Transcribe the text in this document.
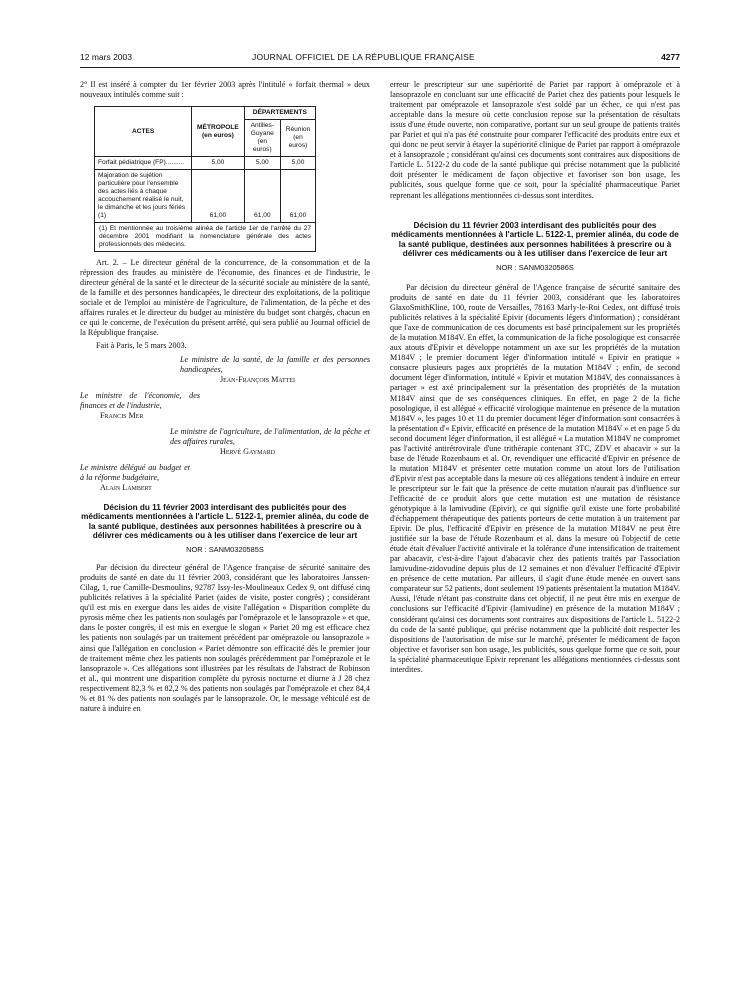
12 mars 2003	JOURNAL OFFICIEL DE LA RÉPUBLIQUE FRANÇAISE	4277

2° Il est inséré à compter du 1er février 2003 après l'intitulé « forfait thermal » deux nouveaux intitulés comme suit :

ACTES	MÉTROPOLE (en euros)	DÉPARTEMENTS	
		Antilles-Guyane (en euros)	Réunion (en euros)
Forfait pédiatrique (FP)..........	5,00	5,00	5,00
Majoration de sujétion particulière pour l'ensemble des actes liés à chaque accouchement réalisé le nuit, le dimanche et les jours fériés (1)	61,00	61,00	61,00
(1) Et mentionnée au troisième alinéa de l'article 1er de l'arrêté du 27 décembre 2001 modifiant la nomenclature générale des actes professionnels des médecins.

Art. 2. – Le directeur général de la concurrence, de la consommation et de la répression des fraudes au ministère de l'économie, des finances et de l'industrie, le directeur général de la santé et le directeur de la sécurité sociale au ministère de la santé, de la famille et des personnes handicapées, le directeur des exploitations, de la politique sociale et de l'emploi au ministère de l'agriculture, de l'alimentation, de la pêche et des affaires rurales et le directeur du budget au ministère du budget sont chargés, chacun en ce qui le concerne, de l'exécution du présent arrêté, qui sera publié au Journal officiel de la République française.

Fait à Paris, le 5 mars 2003.

Le ministre de la santé, de la famille et des personnes handicapées,

Jean-François Mattei

Le ministre de l'économie, des finances et de l'industrie,

Francis Mer

Le ministre de l'agriculture, de l'alimentation, de la pêche et des affaires rurales,

Hervé Gaymard

Le ministre délégué au budget et à la réforme budgétaire,

Alain Lambert

Décision du 11 février 2003 interdisant des publicités pour des médicaments mentionnées à l'article L. 5122-1, premier alinéa, du code de la santé publique, destinées aux personnes habilitées à prescrire ou à délivrer ces médicaments ou à les utiliser dans l'exercice de leur art

NOR : SANM0320585S

Par décision du directeur général de l'Agence française de sécurité sanitaire des produits de santé en date du 11 février 2003, considérant que les laboratoires Janssen-Cilag, 1, rue Camille-Desmoulins, 92787 Issy-les-Moulineaux Cedex 9, ont diffusé cinq publicités relatives à la spécialité Pariet (aides de visite, poster congrès) ; considérant qu'il est mis en exergue dans les aides de visite l'allégation « Disparition complète du pyrosis même chez les patients non soulagés par l'oméprazole et le lansoprazole » et que, dans le poster congrès, il est mis en exergue le slogan « Pariet 20 mg est efficace chez les patients non soulagés par un traitement précédent par oméprazole ou lansoprazole » ainsi que l'allégation en conclusion « Pariet démontre son efficacité dès le premier jour de traitement même chez les patients non soulagés précédemment par l'oméprazole et le lansoprazole ». Ces allégations sont illustrées par les résultats de l'abstract de Robinson et al., qui montrent une disparition complète du pyrosis nocturne et diurne à J 28 chez respectivement 82,3 % et 82,2 % des patients non soulagés par l'oméprazole et chez 84,4 % et 81 % des patients non soulagés par le lansoprazole. Or, le message véhiculé est de nature à induire en

erreur le prescripteur sur une supériorité de Pariet par rapport à oméprazole et à lansoprazole en concluant sur une efficacité de Pariet chez des patients pour lesquels le traitement par oméprazole et lansoprazole s'est soldé par un échec, ce qui n'est pas acceptable dans la mesure où cette conclusion repose sur la présentation de résultats issus d'une étude ouverte, non comparative, portant sur un seul groupe de patients traités par Pariet et qui n'a pas été construite pour comparer l'efficacité des produits entre eux et qui donc ne peut servir à étayer la supériorité clinique de Pariet par rapport à oméprazole et à lansoprazole ; considérant qu'ainsi ces documents sont contraires aux dispositions de l'article L. 5122-2 du code de la santé publique qui précise notamment que la publicité doit présenter le médicament de façon objective et favoriser son bon usage, les publicités, sous quelque forme que ce soit, pour la spécialité pharmaceutique Pariet reprenant les allégations mentionnées ci-dessus sont interdites.

Décision du 11 février 2003 interdisant des publicités pour des médicaments mentionnées à l'article L. 5122-1, premier alinéa, du code de la santé publique, destinées aux personnes habilitées à prescrire ou à délivrer ces médicaments ou à les utiliser dans l'exercice de leur art

NOR : SANM0320586S

Par décision du directeur général de l'Agence française de sécurité sanitaire des produits de santé en date du 11 février 2003, considérant que les laboratoires GlaxoSmithKline, 100, route de Versailles, 78163 Marly-le-Roi Cedex, ont diffusé trois publicités relatives à la spécialité Epivir (documents légers d'information) ; considérant que l'axe de communication de ces documents est basé principalement sur les propriétés de la mutation M184V. En effet, la communication de la fiche posologique est consacrée aux atouts d'Epivir et développe notamment un axe sur les propriétés de la mutation M184V ; le premier document léger d'information intitulé « Epivir en pratique » consacre plusieurs pages aux propriétés de la mutation M184V ; enfin, de second document léger d'information, intitulé « Epivir et mutation M184V, des connaissances à partager » est axé principalement sur la présentation des propriétés de la mutation M184V ainsi que de ses conséquences cliniques. En effet, en page 2 de la fiche posologique, il est allégué « efficacité virologique maintenue en présence de la mutation M184V », les pages 10 et 11 du premier document léger d'information sont consacrées à la présentation d'« Epivir, efficacité en présence de la mutation M184V » et en page 5 du second document léger d'information, il est allégué « La mutation M184V ne compromet pas l'activité antirétrovirale d'une trithérapie contenant 3TC, ZDV et abacavir » sur la base de l'étude Rozenbaum et al. Or, revendiquer une efficacité d'Epivir en présence de la mutation M184V et présenter cette mutation comme un atout lors de l'utilisation d'Epivir n'est pas acceptable dans la mesure où ces allégations tendent à induire en erreur le prescripteur sur le fait que la présence de cette mutation n'aurait pas d'influence sur l'efficacité de ce produit alors que cette mutation est une mutation de résistance génotypique à la lamivudine (Epivir), ce qui signifie qu'il existe une forte probabilité d'échappement thérapeutique des patients porteurs de cette mutation à un traitement par Epivir. De plus, l'efficacité d'Epivir en présence de la mutation M184V ne peut être justifiée sur la base de l'étude Rozenbaum et al. dans la mesure où l'objectif de cette étude était d'évaluer l'activité antivirale et la tolérance d'une intensification de traitement par abacavir, c'est-à-dire l'ajout d'abacavir chez des patients traités par l'association lamivudine-zidovudine depuis plus de 12 semaines et non d'évaluer l'efficacité d'Epivir en présence de cette mutation. Par ailleurs, il s'agit d'une étude menée en ouvert sans comparateur sur 52 patients, dont seulement 19 patients présentaient la mutation M184V. Aussi, l'étude n'étant pas construite dans cet objectif, il ne peut être mis en exergue de conclusions sur l'efficacité d'Epivir (lamivudine) en présence de la mutation M184V ; considérant qu'ainsi ces documents sont contraires aux dispositions de l'article L. 5122-2 du code de la santé publique, qui précise notamment que la publicité doit respecter les dispositions de l'autorisation de mise sur le marché, présenter le médicament de façon objective et favoriser son bon usage, les publicités, sous quelque forme que ce soit, pour la spécialité pharmaceutique Epivir reprenant les allégations mentionnées ci-dessus sont interdites.
